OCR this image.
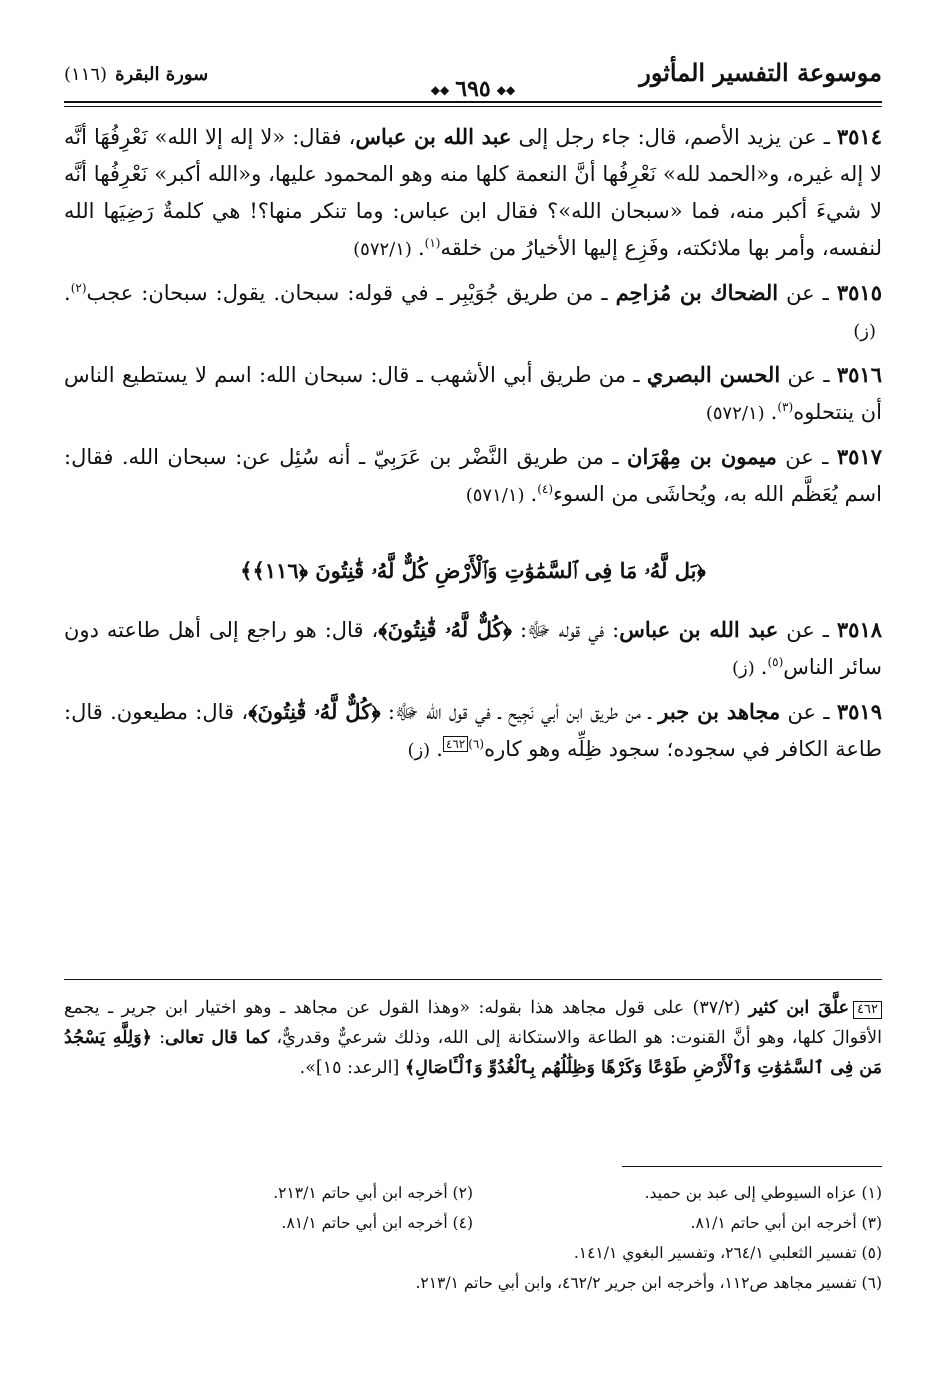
موسوعة التفسير المأثور
◆◆٦٩٥◆◆
سورة البقرة(١١٦)
٣٥١٤ ـ عن يزيد الأصم، قال: جاء رجل إلى عبد الله بن عباس، فقال: «لا إله إلا الله» نَعْرِفُهَا أنَّه لا إله غيره، و«الحمد لله» نَعْرِفُها أنَّ النعمة كلها منه وهو المحمود عليها، و«الله أكبر» نَعْرِفُها أنَّه لا شيءَ أكبر منه، فما «سبحان الله»؟ فقال ابن عباس: وما تنكر منها؟! هي كلمةٌ رَضِيَها الله لنفسه، وأمر بها ملائكته، وفَزِع إليها الأخيارُ من خلقه$^{(١)}$.(٥٧٢/١)
٣٥١٥ ـ عن الضحاك بن مُزاحِم ـ من طريق جُوَيْبِر ـ في قوله: سبحان. يقول: سبحان: عجب$^{(٢)}$.(ز)
٣٥١٦ ـ عن الحسن البصري ـ من طريق أبي الأشهب ـ قال: سبحان الله: اسم لا يستطيع الناس أن ينتحلوه$^{(٣)}$.(٥٧٢/١)
٣٥١٧ ـ عن ميمون بن مِهْرَان ـ من طريق النَّضْر بن عَرَبِيّ ـ أنه سُئِل عن: سبحان الله. فقال: اسم يُعَظَّم الله به، ويُحاشَى من السوء$^{(٤)}$.(٥٧١/١)
﴿بَل لَّهُۥ مَا فِى ٱلسَّمَٰوَٰتِ وَٱلْأَرْضِ كُلٌّ لَّهُۥ قَٰنِتُونَ ﴿١١٦﴾﴾
٣٥١٨ ـ عن عبد الله بن عباس: في قوله ﷻ: ﴿كُلٌّ لَّهُۥ قَٰنِتُونَ﴾، قال: هو راجع إلى أهل طاعته دون سائر الناس$^{(٥)}$.(ز)
٣٥١٩ ـ عن مجاهد بن جبر ـ من طريق ابن أبي نَجِيح ـ في قول الله ﷻ: ﴿كُلٌّ لَّهُۥ قَٰنِتُونَ﴾، قال: مطيعون. قال: طاعة الكافر في سجوده؛ سجود ظِلِّه وهو كاره$^{(٦)}$٤٦٢.(ز)
٤٦٢علَّقَ ابن كثير (٣٧/٢) على قول مجاهد هذا بقوله: «وهذا القول عن مجاهد ـ وهو اختيار ابن جرير ـ يجمع الأقوالَ كلها، وهو أنَّ القنوت: هو الطاعة والاستكانة إلى الله، وذلك شرعيٌّ وقدريٌّ، كما قال تعالى: ﴿وَلِلَّهِ يَسْجُدُ مَن فِى ٱلسَّمَٰوَٰتِ وَٱلْأَرْضِ طَوْعًا وَكَرْهًا وَظِلَٰلُهُم بِٱلْغُدُوِّ وَٱلْـَٔاصَالِ﴾ [الرعد: ١٥]».
(١) عزاه السيوطي إلى عبد بن حميد.
(٢) أخرجه ابن أبي حاتم ٢١٣/١.
(٣) أخرجه ابن أبي حاتم ٨١/١.
(٤) أخرجه ابن أبي حاتم ٨١/١.
(٥) تفسير الثعلبي ٢٦٤/١، وتفسير البغوي ١٤١/١.
(٦) تفسير مجاهد ص١١٢، وأخرجه ابن جرير ٤٦٢/٢، وابن أبي حاتم ٢١٣/١.
